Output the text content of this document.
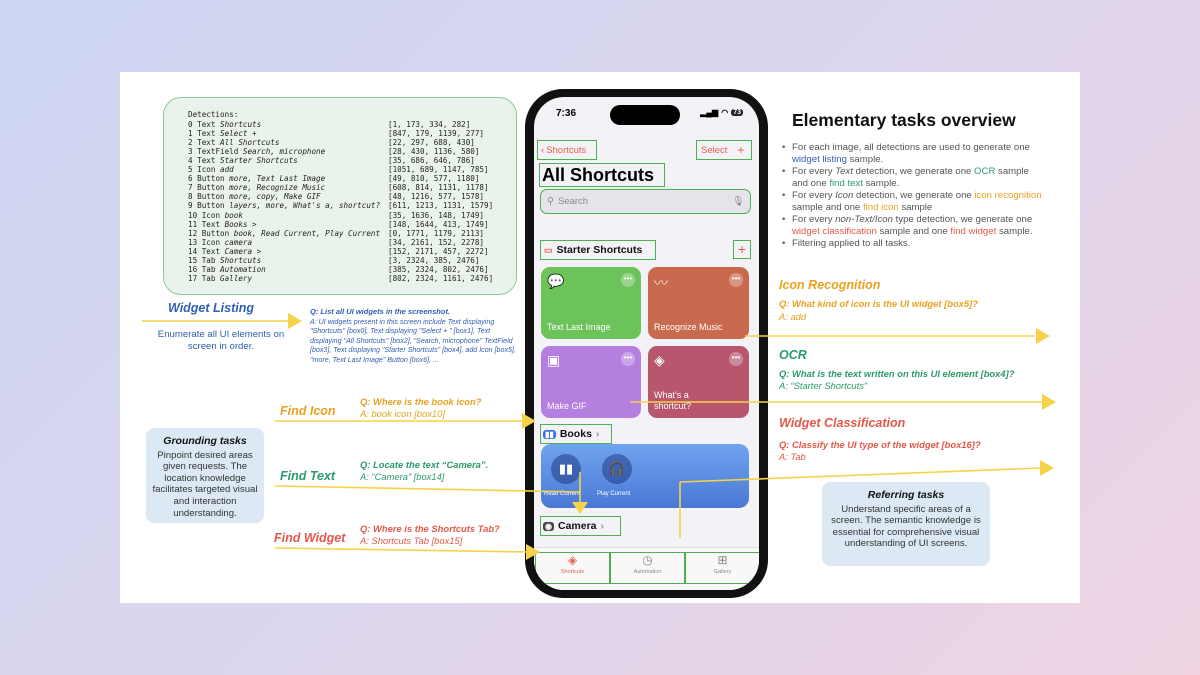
Detections:
0 Text Shortcuts	[1, 173, 334, 282]
1 Text Select +	[847, 179, 1139, 277]
2 Text All Shortcuts	[22, 297, 688, 430]
3 TextField Search, microphone	[28, 430, 1136, 580]
4 Text Starter Shortcuts	[35, 686, 646, 786]
5 Icon add	[1051, 689, 1147, 785]
6 Button more, Text Last Image	[49, 810, 577, 1180]
7 Button more, Recognize Music	[608, 814, 1131, 1178]
8 Button more, copy, Make GIF	[48, 1216, 577, 1578]
9 Button layers, more, What's a, shortcut?	[611, 1213, 1131, 1579]
10 Icon book	[35, 1636, 148, 1749]
11 Text Books >	[148, 1644, 413, 1749]
12 Button book, Read Current, Play Current	[0, 1771, 1179, 2113]
13 Icon camera	[34, 2161, 152, 2278]
14 Text Camera >	[152, 2171, 457, 2272]
15 Tab Shortcuts	[3, 2324, 385, 2476]
16 Tab Automation	[385, 2324, 802, 2476]
17 Tab Gallery	[802, 2324, 1161, 2476]
Widget Listing
Enumerate all UI elements on screen in order.
Q: List all UI widgets in the screenshot.
A: UI widgets present in this screen include Text displaying "Shortcuts" [box0], Text displaying "Select + " [box1], Text displaying "All Shortcuts" [box2], "Search, microphone" TextField [box3], Text displaying "Starter Shortcuts" [box4], add Icon [box5], "more, Text Last Image" Button [box6], ...
Find Icon
Q: Where is the book icon?
A: book icon [box10]
Find Text
Q: Locate the text “Camera”.
A: “Camera” [box14]
Find Widget
Q: Where is the Shortcuts Tab?
A: Shortcuts Tab [box15]
Grounding tasks
Pinpoint desired areas given requests. The location knowledge facilitates targeted visual and interaction understanding.
Elementary tasks overview
• For each image, all detections are used to generate one widget listing sample.
• For every Text detection, we generate one OCR sample and one find text sample.
• For every Icon detection, we generate one icon recognition sample and one find icon sample
• For every non-Text/Icon type detection, we generate one widget classification sample and one find widget sample.
• Filtering applied to all tasks.
Icon Recognition
Q: What kind of icon is the UI widget [box5]?
A: add
OCR
Q: What is the text written on this UI element [box4]?
A: “Starter Shortcuts”
Widget Classification
Q: Classify the UI type of the widget [box16]?
A: Tab
Referring tasks
Understand specific areas of a screen. The semantic knowledge is essential for comprehensive visual understanding of UI screens.
7:36	▂▄▆ ◠ 73
‹ Shortcuts	Select +
All Shortcuts
⚲ Search	🎙
▭ Starter Shortcuts	+
💬	•••
Text Last Image
〰	•••
Recognize Music
▣	•••
Make GIF
◈	•••
What's a shortcut?
▮▮ Books ›
▮▮
Read Current
🎧
Play Current
◉ Camera ›
◈
Shortcuts
◷
Automation
⊞
Gallery
